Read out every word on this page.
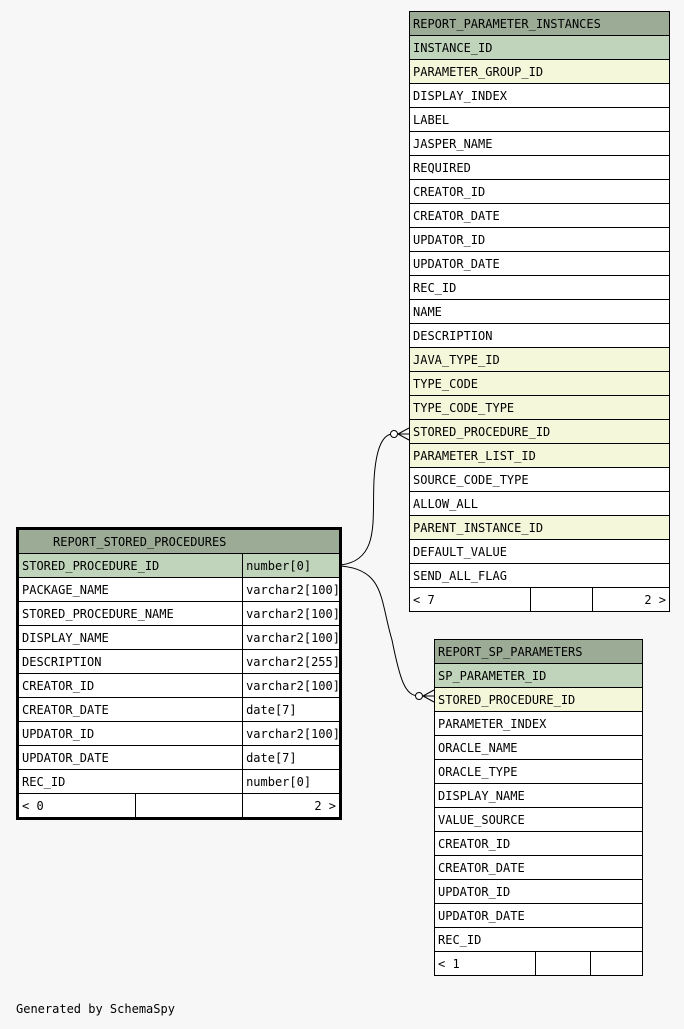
REPORT_PARAMETER_INSTANCES
INSTANCE_ID
PARAMETER_GROUP_ID
DISPLAY_INDEX
LABEL
JASPER_NAME
REQUIRED
CREATOR_ID
CREATOR_DATE
UPDATOR_ID
UPDATOR_DATE
REC_ID
NAME
DESCRIPTION
JAVA_TYPE_ID
TYPE_CODE
TYPE_CODE_TYPE
STORED_PROCEDURE_ID
PARAMETER_LIST_ID
SOURCE_CODE_TYPE
ALLOW_ALL
PARENT_INSTANCE_ID
DEFAULT_VALUE
SEND_ALL_FLAG
< 7		2 >
REPORT_STORED_PROCEDURES		
STORED_PROCEDURE_ID		number[0]
PACKAGE_NAME		varchar2[100]
STORED_PROCEDURE_NAME		varchar2[100]
DISPLAY_NAME		varchar2[100]
DESCRIPTION		varchar2[255]
CREATOR_ID		varchar2[100]
CREATOR_DATE		date[7]
UPDATOR_ID		varchar2[100]
UPDATOR_DATE		date[7]
REC_ID		number[0]
< 0		2 >
REPORT_SP_PARAMETERS
SP_PARAMETER_ID
STORED_PROCEDURE_ID
PARAMETER_INDEX
ORACLE_NAME
ORACLE_TYPE
DISPLAY_NAME
VALUE_SOURCE
CREATOR_ID
CREATOR_DATE
UPDATOR_ID
UPDATOR_DATE
REC_ID
< 1		
Generated by SchemaSpy
